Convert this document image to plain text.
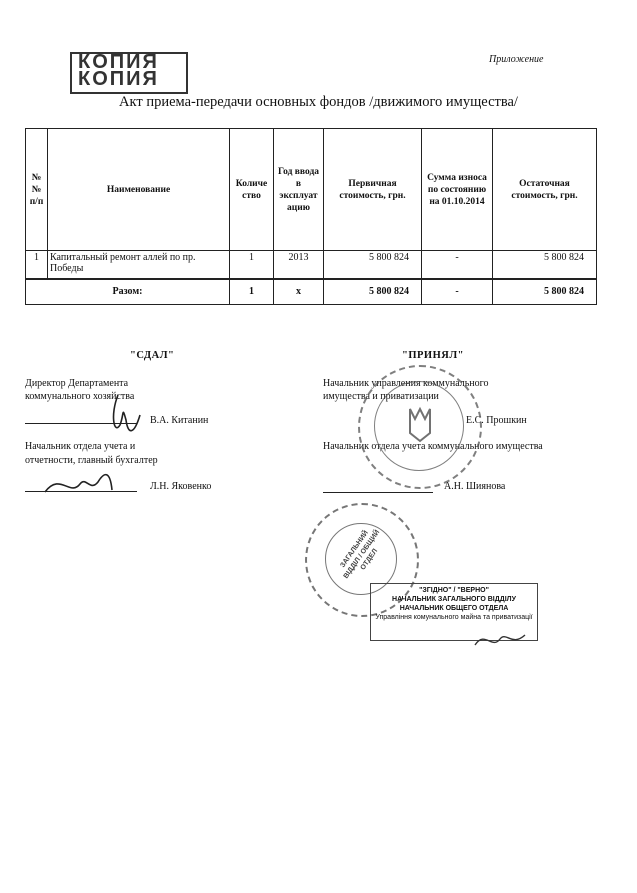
КОПИЯ
КОПИЯ
Приложение
Акт приема-передачи основных фондов /движимого имущества/
№ № п/п	Наименование	Количе ство	Год ввода в эксплуат ацию	Первичная стоимость, грн.	Сумма износа по состоянию на 01.10.2014	Остаточная стоимость, грн.
1	Капитальный ремонт аллей по пр. Победы	1	2013	5 800 824	-	5 800 824
Разом:		1	х	5 800 824	-	5 800 824
"СДАЛ"
Директор Департамента
коммунального хозяйства
В.А. Китанин
Начальник отдела учета и
отчетности, главный бухгалтер
Л.Н. Яковенко
"ПРИНЯЛ"
Начальник управления коммунального
имущества и приватизации
Е.С. Прошкин
Начальник отдела учета коммунального имущества
А.Н. Шиянова
ЗАГАЛЬНИЙ ВІДДІЛ / ОБЩИЙ ОТДЕЛ
"ЗГІДНО" / "ВЕРНО"
НАЧАЛЬНИК ЗАГАЛЬНОГО ВІДДІЛУ
НАЧАЛЬНИК ОБЩЕГО ОТДЕЛА
Управління комунального майна та приватизації
